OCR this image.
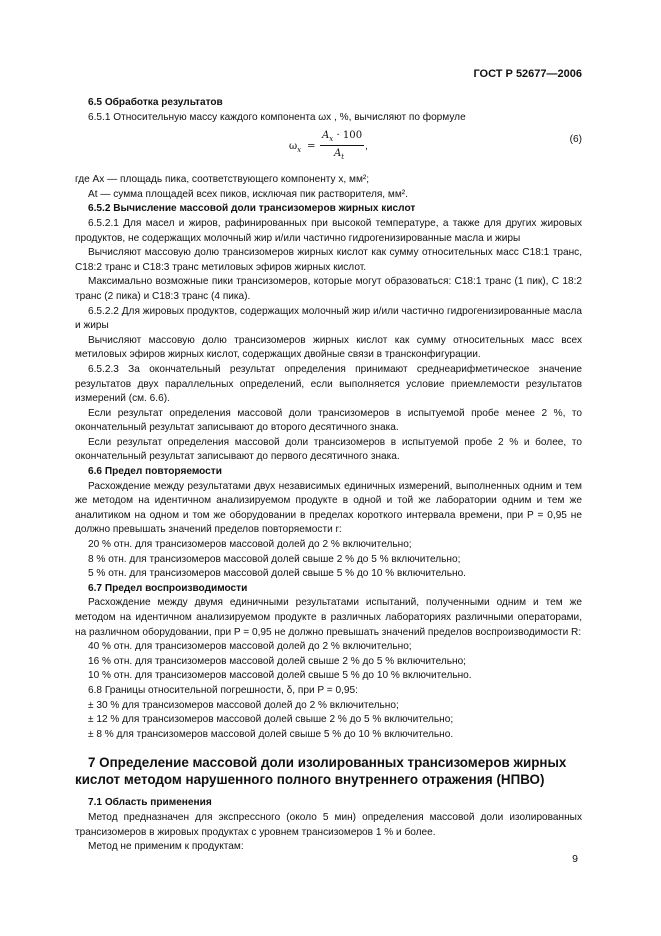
ГОСТ Р 52677—2006

6.5 Обработка результатов

6.5.1 Относительную массу каждого компонента ωx , %, вычисляют по формуле

$\omega_x$ =
$A_x \cdot 100$
$A_t$
,
(6)

где Ax — площадь пика, соответствующего компоненту x, мм²;

At — сумма площадей всех пиков, исключая пик растворителя, мм².

6.5.2 Вычисление массовой доли трансизомеров жирных кислот

6.5.2.1 Для масел и жиров, рафинированных при высокой температуре, а также для других жировых продуктов, не содержащих молочный жир и/или частично гидрогенизированные масла и жиры

Вычисляют массовую долю трансизомеров жирных кислот как сумму относительных масс С18:1 транс, С18:2 транс и С18:3 транс метиловых эфиров жирных кислот.

Максимально возможные пики трансизомеров, которые могут образоваться: С18:1 транс (1 пик), С 18:2 транс (2 пика) и С18:3 транс (4 пика).

6.5.2.2 Для жировых продуктов, содержащих молочный жир и/или частично гидрогенизированные масла и жиры

Вычисляют массовую долю трансизомеров жирных кислот как сумму относительных масс всех метиловых эфиров жирных кислот, содержащих двойные связи в трансконфигурации.

6.5.2.3 За окончательный результат определения принимают среднеарифметическое значение результатов двух параллельных определений, если выполняется условие приемлемости результатов измерений (см. 6.6).

Если результат определения массовой доли трансизомеров в испытуемой пробе менее 2 %, то окончательный результат записывают до второго десятичного знака.

Если результат определения массовой доли трансизомеров в испытуемой пробе 2 % и более, то окончательный результат записывают до первого десятичного знака.

6.6 Предел повторяемости

Расхождение между результатами двух независимых единичных измерений, выполненных одним и тем же методом на идентичном анализируемом продукте в одной и той же лаборатории одним и тем же аналитиком на одном и том же оборудовании в пределах короткого интервала времени, при P = 0,95 не должно превышать значений пределов повторяемости r:

20 % отн. для трансизомеров массовой долей до 2 % включительно;

8 % отн. для трансизомеров массовой долей свыше 2 % до 5 % включительно;

5 % отн. для трансизомеров массовой долей свыше 5 % до 10 % включительно.

6.7 Предел воспроизводимости

Расхождение между двумя единичными результатами испытаний, полученными одним и тем же методом на идентичном анализируемом продукте в различных лабораториях различными операторами, на различном оборудовании, при P = 0,95 не должно превышать значений пределов воспроизводимости R:

40 % отн. для трансизомеров массовой долей до 2 % включительно;

16 % отн. для трансизомеров массовой долей свыше 2 % до 5 % включительно;

10 % отн. для трансизомеров массовой долей свыше 5 % до 10 % включительно.

6.8 Границы относительной погрешности, δ, при P = 0,95:

± 30 % для трансизомеров массовой долей до 2 % включительно;

± 12 % для трансизомеров массовой долей свыше 2 % до 5 % включительно;

± 8 % для трансизомеров массовой долей свыше 5 % до 10 % включительно.

7 Определение массовой доли изолированных трансизомеров жирных кислот методом нарушенного полного внутреннего отражения (НПВО)

7.1 Область применения

Метод предназначен для экспрессного (около 5 мин) определения массовой доли изолированных трансизомеров в жировых продуктах с уровнем трансизомеров 1 % и более.

Метод не применим к продуктам:

9
